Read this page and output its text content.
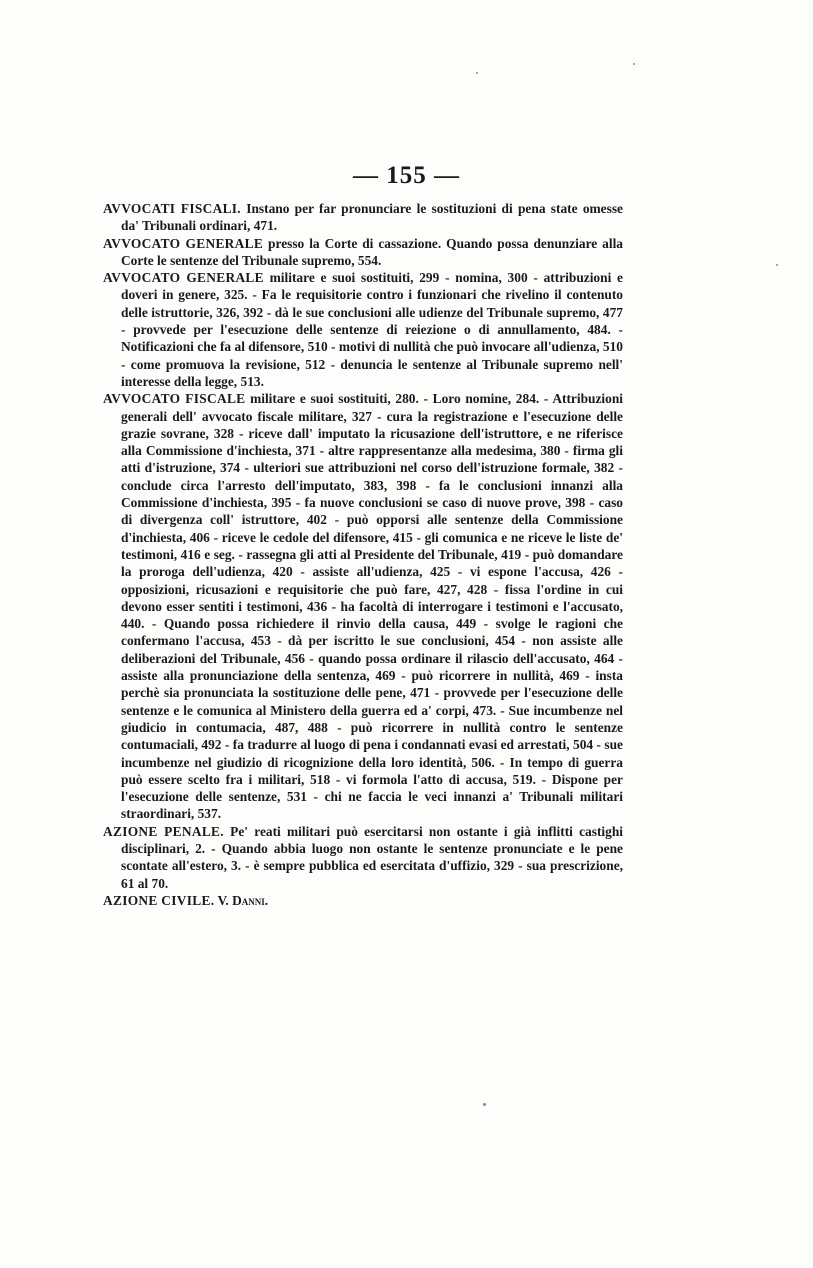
— 155 —

AVVOCATI FISCALI. Instano per far pronunciare le sostituzioni di pena state omesse da' Tribunali ordinari, 471.

AVVOCATO GENERALE presso la Corte di cassazione. Quando possa denunziare alla Corte le sentenze del Tribunale supremo, 554.

AVVOCATO GENERALE militare e suoi sostituiti, 299 - nomina, 300 - attribuzioni e doveri in genere, 325. - Fa le requisitorie contro i funzionari che rivelino il contenuto delle istruttorie, 326, 392 - dà le sue conclusioni alle udienze del Tribunale supremo, 477 - provvede per l'esecuzione delle sentenze di reiezione o di annullamento, 484. - Notificazioni che fa al difensore, 510 - motivi di nullità che può invocare all'udienza, 510 - come promuova la revisione, 512 - denuncia le sentenze al Tribunale supremo nell' interesse della legge, 513.

AVVOCATO FISCALE militare e suoi sostituiti, 280. - Loro nomine, 284. - Attribuzioni generali dell' avvocato fiscale militare, 327 - cura la registrazione e l'esecuzione delle grazie sovrane, 328 - riceve dall' imputato la ricusazione dell'istruttore, e ne riferisce alla Commissione d'inchiesta, 371 - altre rappresentanze alla medesima, 380 - firma gli atti d'istruzione, 374 - ulteriori sue attribuzioni nel corso dell'istruzione formale, 382 - conclude circa l'arresto dell'imputato, 383, 398 - fa le conclusioni innanzi alla Commissione d'inchiesta, 395 - fa nuove conclusioni se caso di nuove prove, 398 - caso di divergenza coll' istruttore, 402 - può opporsi alle sentenze della Commissione d'inchiesta, 406 - riceve le cedole del difensore, 415 - gli comunica e ne riceve le liste de' testimoni, 416 e seg. - rassegna gli atti al Presidente del Tribunale, 419 - può domandare la proroga dell'udienza, 420 - assiste all'udienza, 425 - vi espone l'accusa, 426 - opposizioni, ricusazioni e requisitorie che può fare, 427, 428 - fissa l'ordine in cui devono esser sentiti i testimoni, 436 - ha facoltà di interrogare i testimoni e l'accusato, 440. - Quando possa richiedere il rinvio della causa, 449 - svolge le ragioni che confermano l'accusa, 453 - dà per iscritto le sue conclusioni, 454 - non assiste alle deliberazioni del Tribunale, 456 - quando possa ordinare il rilascio dell'accusato, 464 - assiste alla pronunciazione della sentenza, 469 - può ricorrere in nullità, 469 - insta perchè sia pronunciata la sostituzione delle pene, 471 - provvede per l'esecuzione delle sentenze e le comunica al Ministero della guerra ed a' corpi, 473. - Sue incumbenze nel giudicio in contumacia, 487, 488 - può ricorrere in nullità contro le sentenze contumaciali, 492 - fa tradurre al luogo di pena i condannati evasi ed arrestati, 504 - sue incumbenze nel giudizio di ricognizione della loro identità, 506. - In tempo di guerra può essere scelto fra i militari, 518 - vi formola l'atto di accusa, 519. - Dispone per l'esecuzione delle sentenze, 531 - chi ne faccia le veci innanzi a' Tribunali militari straordinari, 537.

AZIONE PENALE. Pe' reati militari può esercitarsi non ostante i già inflitti castighi disciplinari, 2. - Quando abbia luogo non ostante le sentenze pronunciate e le pene scontate all'estero, 3. - è sempre pubblica ed esercitata d'uffizio, 329 - sua prescrizione, 61 al 70.

AZIONE CIVILE. V. Danni.
